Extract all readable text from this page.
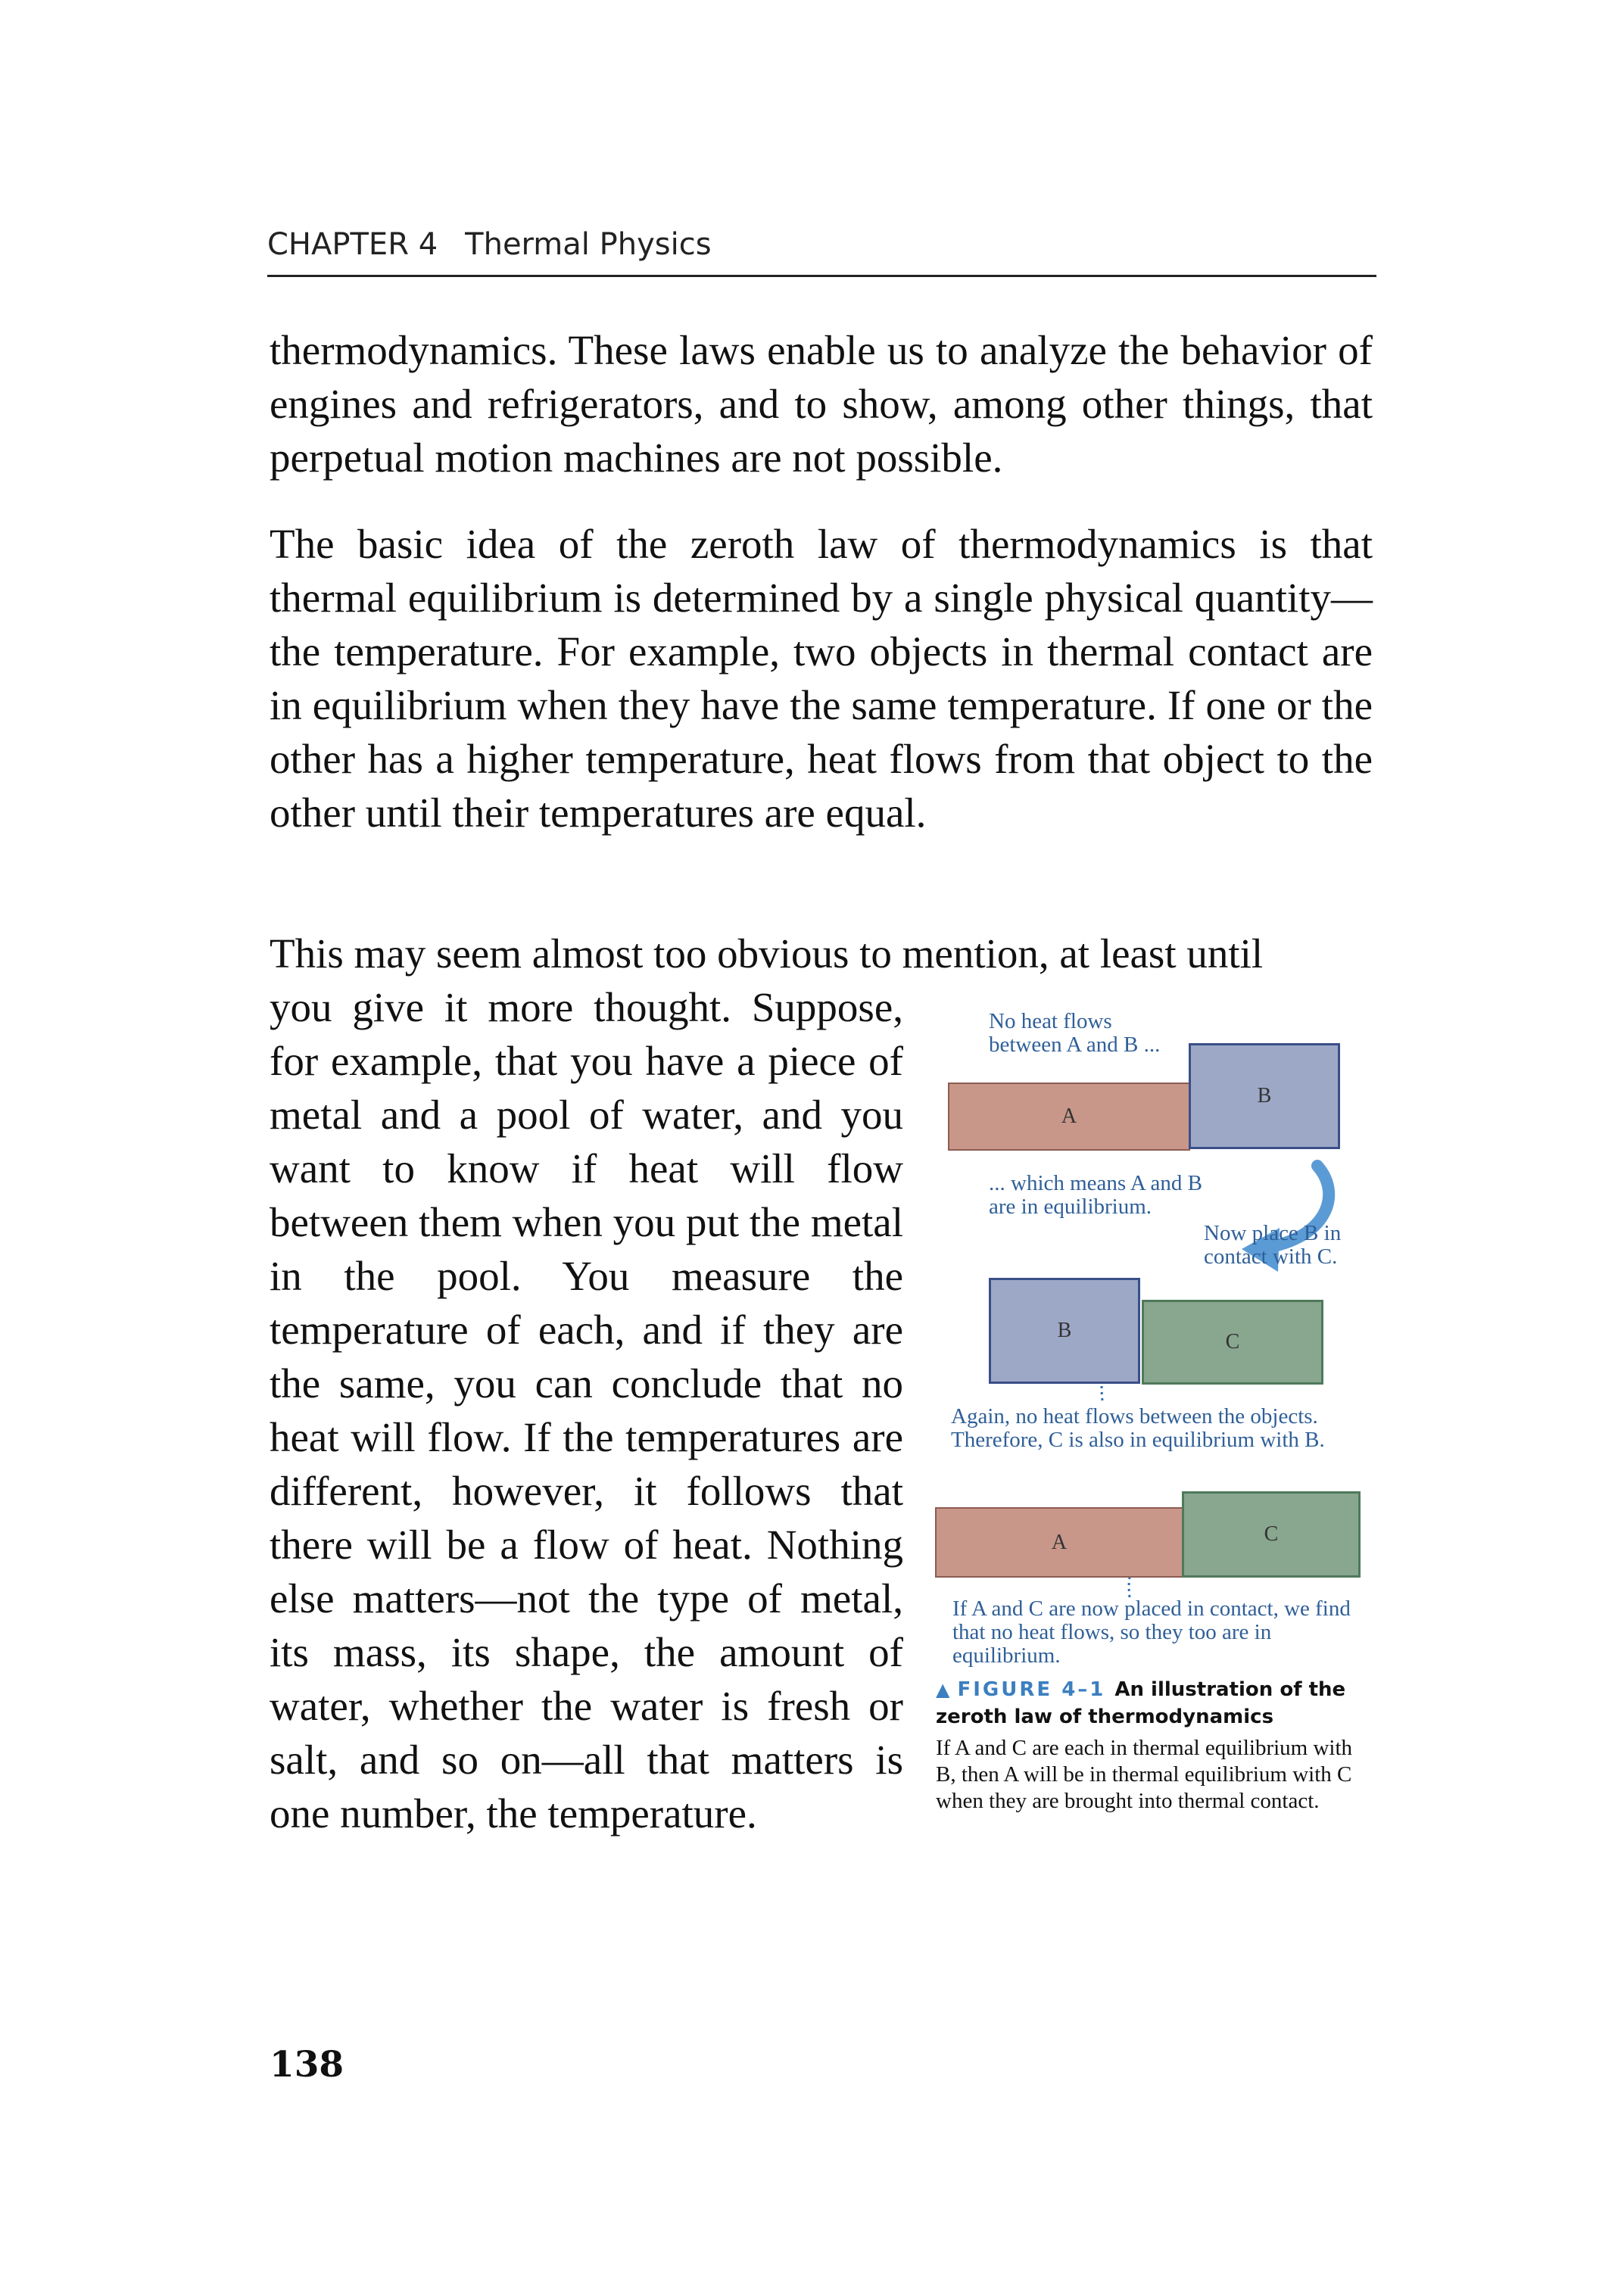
CHAPTER 4 Thermal Physics

thermodynamics. These laws enable us to analyze the behavior of engines and refrigerators, and to show, among other things, that perpetual motion machines are not possible.

The basic idea of the zeroth law of thermodynamics is that thermal equilibrium is determined by a single physical quantity—the temperature. For example, two objects in thermal contact are in equilibrium when they have the same temperature. If one or the other has a higher temperature, heat flows from that object to the other until their temperatures are equal.

This may seem almost too obvious to mention, at least until

you give it more thought. Suppose, for example, that you have a piece of metal and a pool of water, and you want to know if heat will flow between them when you put the metal in the pool. You measure the temperature of each, and if they are the same, you can conclude that no heat will flow. If the temperatures are different, however, it follows that there will be a flow of heat. Nothing else matters—not the type of metal, its mass, its shape, the amount of water, whether the water is fresh or salt, and so on—all that matters is one number, the temperature.

No heat flows between A and B ...

A
B

... which means A and B are in equilibrium.

Now place B in contact with C.

B	C

Again, no heat flows between the objects. Therefore, C is also in equilibrium with B.

A	C

If A and C are now placed in contact, we find that no heat flows, so they too are in equilibrium.

▲ FIGURE 4–1 An illustration of the zeroth law of thermodynamics

If A and C are each in thermal equilibrium with B, then A will be in thermal equilibrium with C when they are brought into thermal contact.

138
